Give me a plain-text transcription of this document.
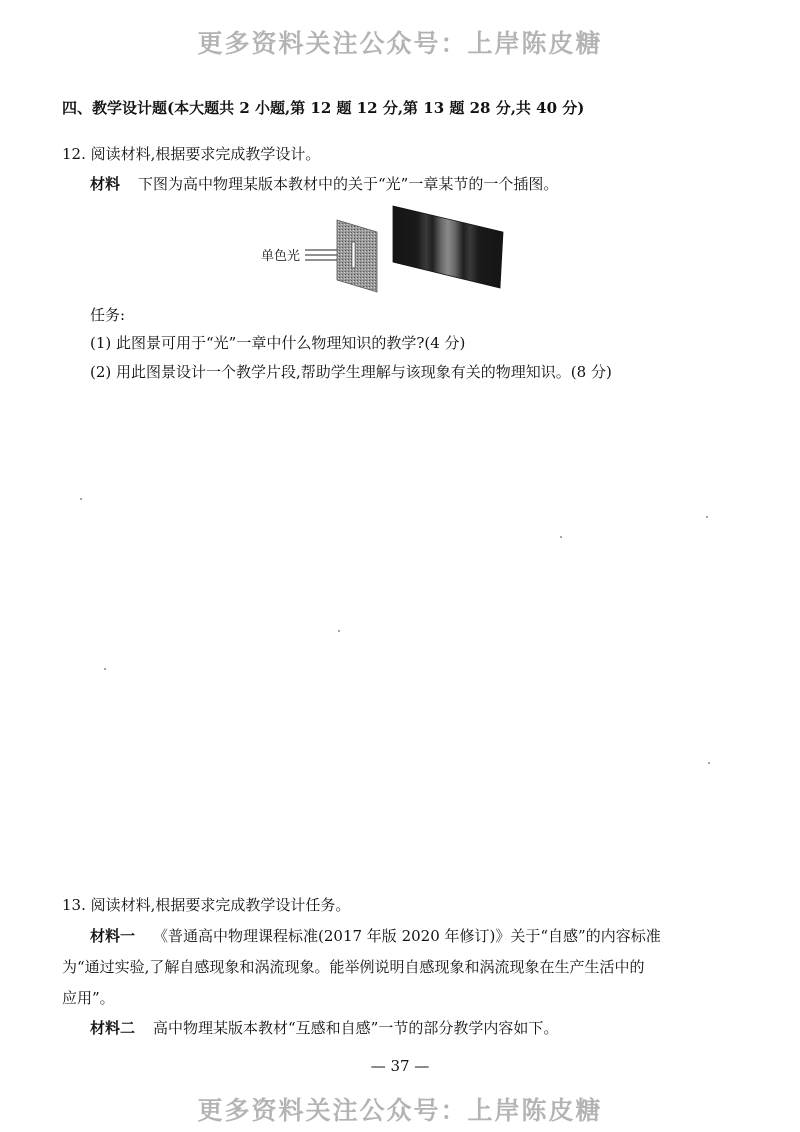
更多资料关注公众号：上岸陈皮糖
四、教学设计题(本大题共 2 小题,第 12 题 12 分,第 13 题 28 分,共 40 分)
12. 阅读材料,根据要求完成教学设计。
材料 下图为高中物理某版本教材中的关于“光”一章某节的一个插图。
单色光
任务:
(1) 此图景可用于“光”一章中什么物理知识的教学?(4 分)
(2) 用此图景设计一个教学片段,帮助学生理解与该现象有关的物理知识。(8 分)
13. 阅读材料,根据要求完成教学设计任务。
材料一 《普通高中物理课程标准(2017 年版 2020 年修订)》关于“自感”的内容标准
为“通过实验,了解自感现象和涡流现象。能举例说明自感现象和涡流现象在生产生活中的
应用”。
材料二 高中物理某版本教材“互感和自感”一节的部分教学内容如下。
— 37 —
更多资料关注公众号：上岸陈皮糖
